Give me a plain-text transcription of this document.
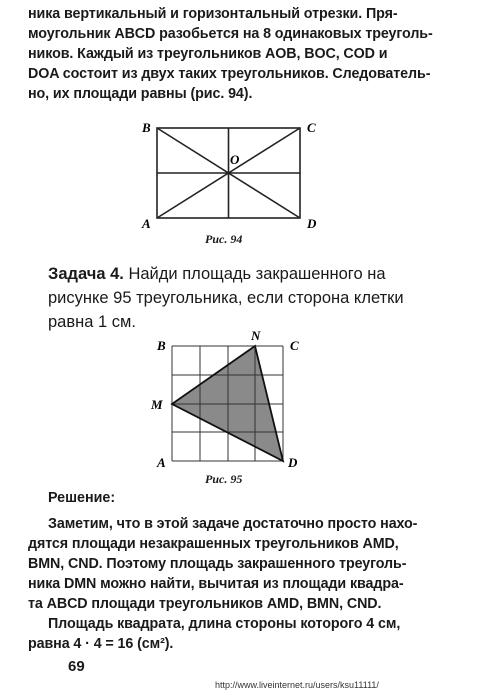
ника вертикальный и горизонтальный отрезки. Пря-
моугольник ABCD разобьется на 8 одинаковых треуголь-
ников. Каждый из треугольников AOB, BOC, COD и
DOA состоит из двух таких треугольников. Следователь-
но, их площади равны (рис. 94).

B	C
A	D
O
Рис. 94

Задача 4. Найди площадь закрашенного на
рисунке 95 треугольника, если сторона клетки
равна 1 см.

B	C
N
M
A	D
Рис. 95
Решение:

Заметим, что в этой задаче достаточно просто нахо-
дятся площади незакрашенных треугольников AMD,
BMN, CND. Поэтому площадь закрашенного треуголь-
ника DMN можно найти, вычитая из площади квадра-
та ABCD площади треугольников AMD, BMN, CND.

Площадь квадрата, длина стороны которого 4 см,
равна 4 · 4 = 16 (см²).

69
http://www.liveinternet.ru/users/ksu11111/
